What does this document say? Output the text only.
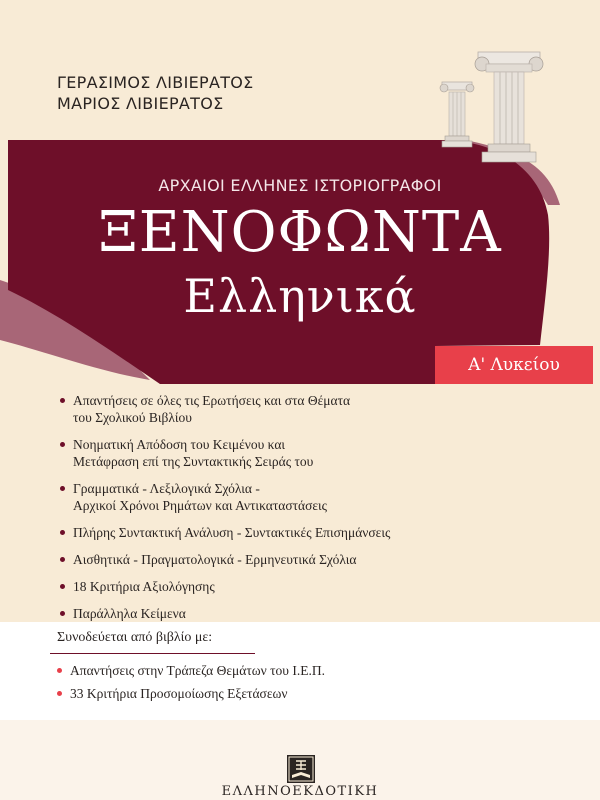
ΓΕΡΑΣΙΜΟΣ ΛΙΒΙΕΡΑΤΟΣ
ΜΑΡΙΟΣ ΛΙΒΙΕΡΑΤΟΣ
ΑΡΧΑΙΟΙ ΕΛΛΗΝΕΣ ΙΣΤΟΡΙΟΓΡΑΦΟΙ
ΞΕΝΟΦΩΝΤΑ
Ελληνικά
Α' Λυκείου
Απαντήσεις σε όλες τις Ερωτήσεις και στα Θέματα
του Σχολικού Βιβλίου
Νοηματική Απόδοση του Κειμένου και
Μετάφραση επί της Συντακτικής Σειράς του
Γραμματικά - Λεξιλογικά Σχόλια -
Αρχικοί Χρόνοι Ρημάτων και Αντικαταστάσεις
Πλήρης Συντακτική Ανάλυση - Συντακτικές Επισημάνσεις
Αισθητικά - Πραγματολογικά - Ερμηνευτικά Σχόλια
18 Κριτήρια Αξιολόγησης
Παράλληλα Κείμενα
Συνοδεύεται από βιβλίο με:
Απαντήσεις στην Τράπεζα Θεμάτων του Ι.Ε.Π.
33 Κριτήρια Προσομοίωσης Εξετάσεων
ΕΛΛΗΝΟΕΚΔΟΤΙΚΗ
